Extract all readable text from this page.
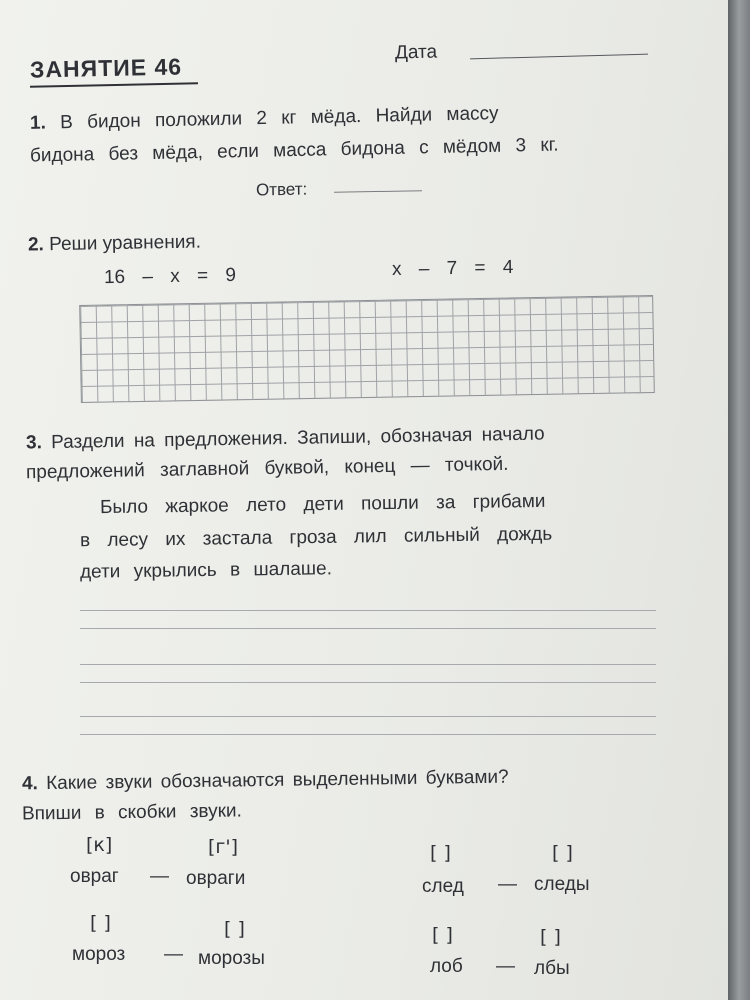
ЗАНЯТИЕ 46
Дата
1. В бидон положили 2 кг мёда. Найди массу
бидона без мёда, если масса бидона с мёдом 3 кг.
Ответ:
2. Реши уравнения.
16 – х = 9	х – 7 = 4
3. Раздели на предложения. Запиши, обозначая начало
предложений заглавной буквой, конец — точкой.
Было жаркое лето дети пошли за грибами
в лесу их застала гроза лил сильный дождь
дети укрылись в шалаше.
4. Какие звуки обозначаются выделенными буквами?
Впиши в скобки звуки.
[к]	[г']
овраг — овраги
[ ]	[ ]
след — следы
[ ]	[ ]
мороз — морозы
[ ]	[ ]
лоб — лбы
